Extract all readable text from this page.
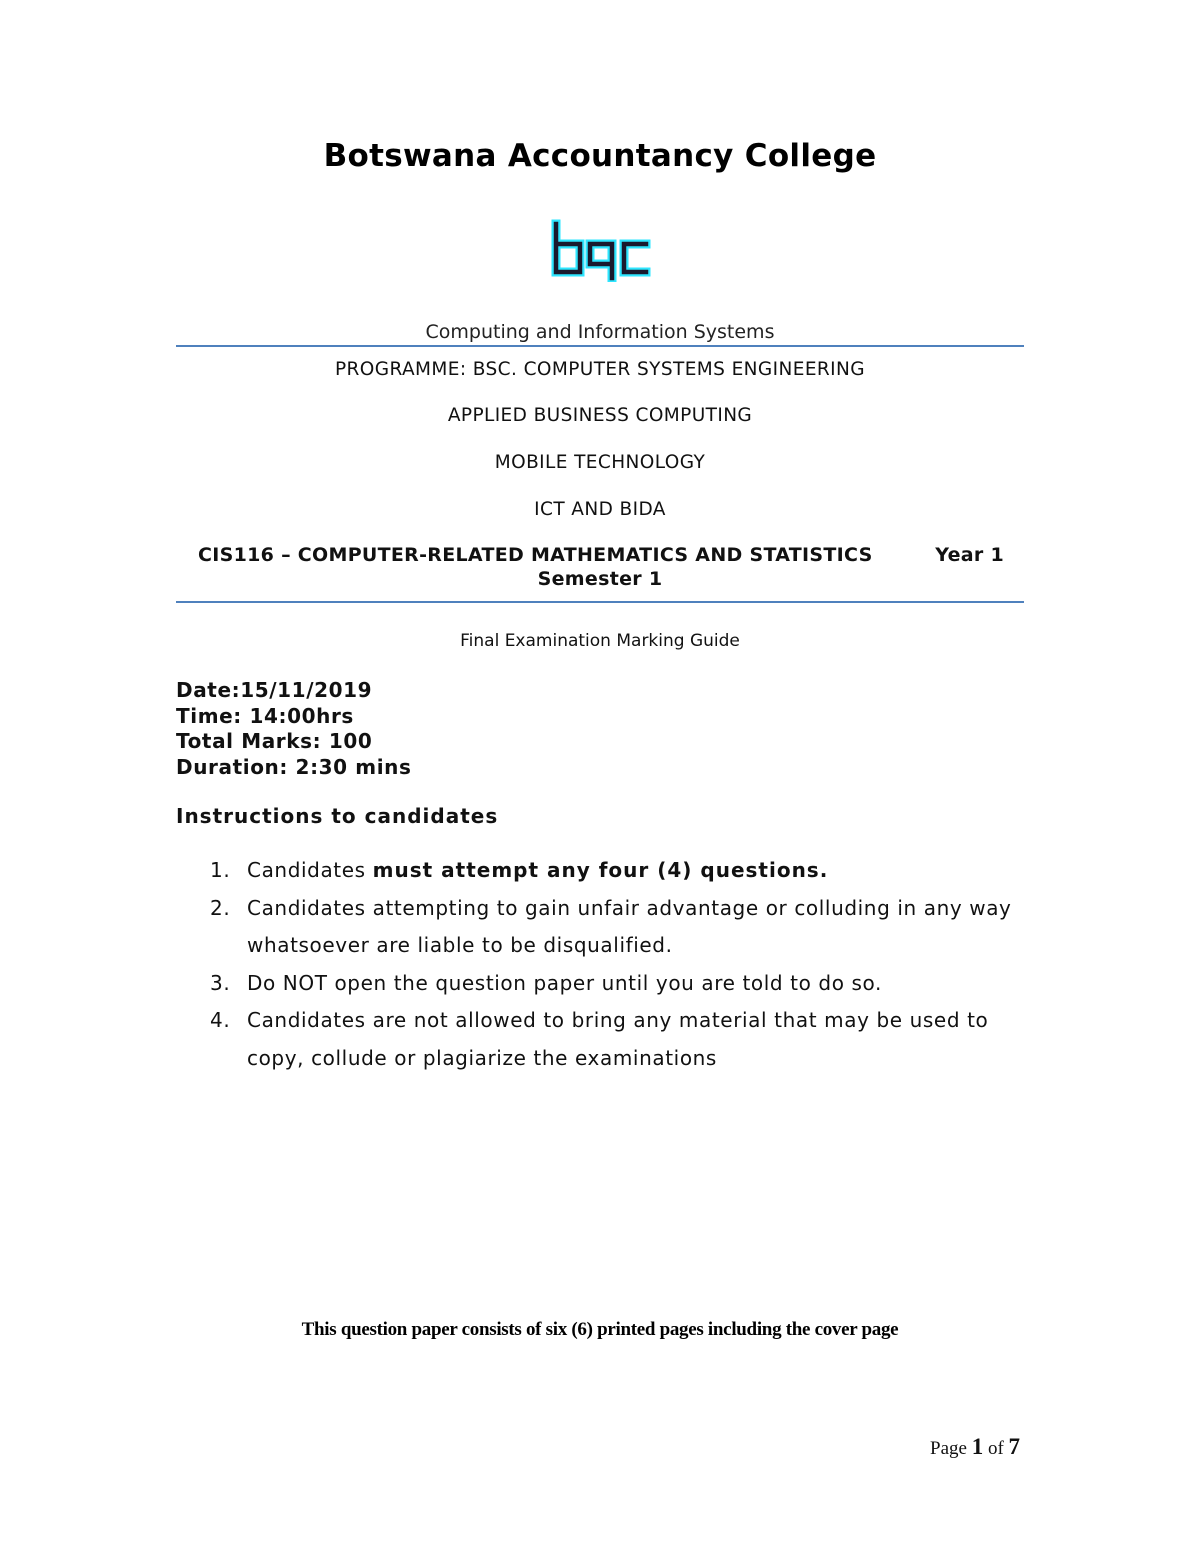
Botswana Accountancy College
Computing and Information Systems
PROGRAMME: BSC. COMPUTER SYSTEMS ENGINEERING
APPLIED BUSINESS COMPUTING
MOBILE TECHNOLOGY
ICT AND BIDA
CIS116 – COMPUTER-RELATED MATHEMATICS AND STATISTICS	Year 1
Semester 1
Final Examination Marking Guide
Date:15/11/2019
Time: 14:00hrs
Total Marks: 100
Duration: 2:30 mins
Instructions to candidates
1. Candidates must attempt any four (4) questions.
2. Candidates attempting to gain unfair advantage or colluding in any way whatsoever are liable to be disqualified.
3. Do NOT open the question paper until you are told to do so.
4. Candidates are not allowed to bring any material that may be used to copy, collude or plagiarize the examinations
This question paper consists of six (6) printed pages including the cover page
Page 1 of 7
